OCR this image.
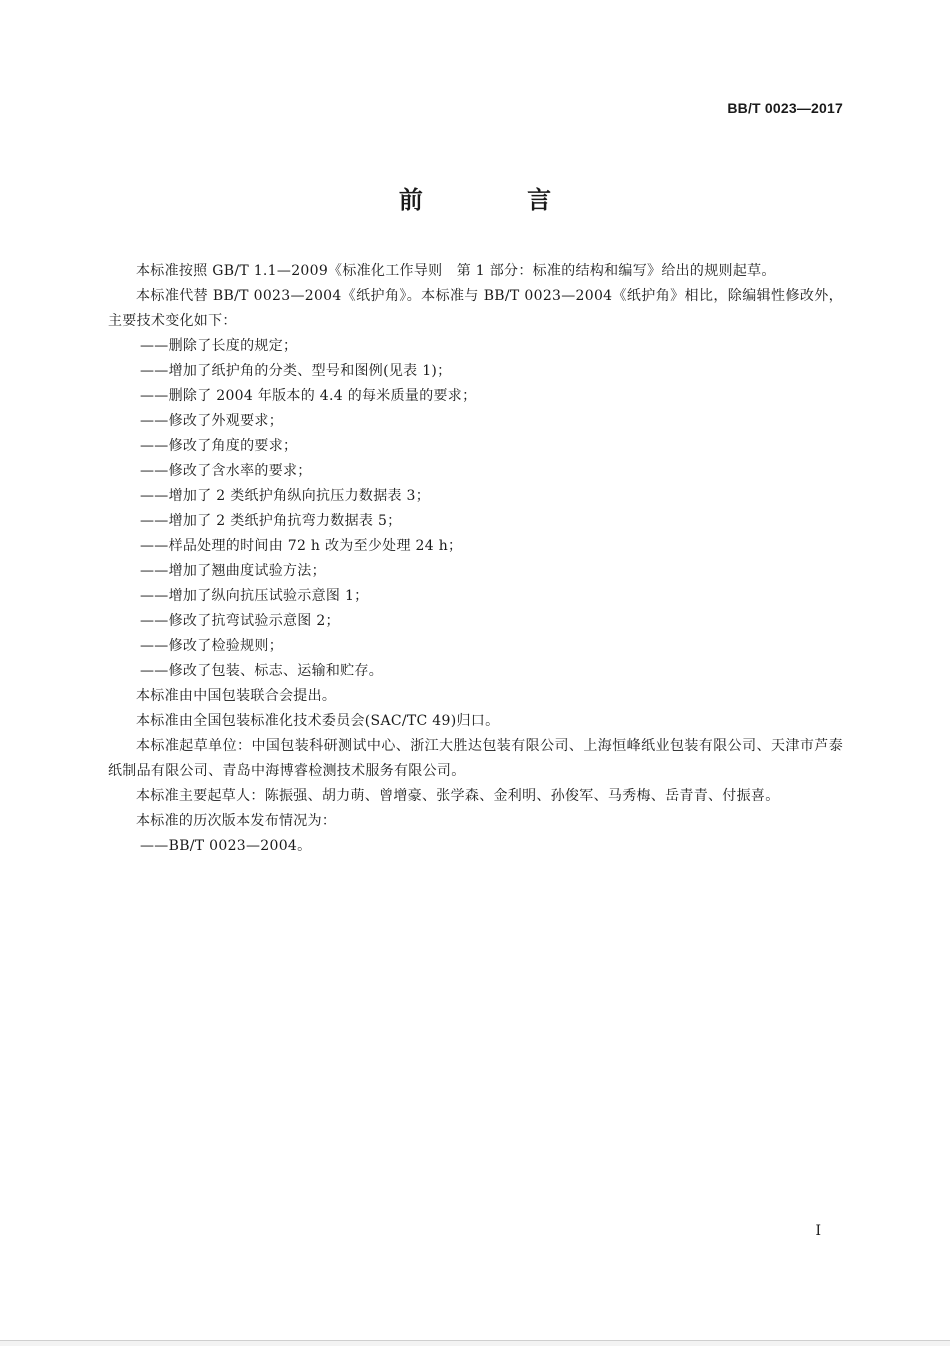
BB/T 0023—2017
前 言

本标准按照 GB/T 1.1—2009《标准化工作导则　第 1 部分：标准的结构和编写》给出的规则起草。

本标准代替 BB/T 0023—2004《纸护角》。本标准与 BB/T 0023—2004《纸护角》相比，除编辑性修改外，主要技术变化如下：

——删除了长度的规定；

——增加了纸护角的分类、型号和图例(见表 1)；

——删除了 2004 年版本的 4.4 的每米质量的要求；

——修改了外观要求；

——修改了角度的要求；

——修改了含水率的要求；

——增加了 2 类纸护角纵向抗压力数据表 3；

——增加了 2 类纸护角抗弯力数据表 5；

——样品处理的时间由 72 h 改为至少处理 24 h；

——增加了翘曲度试验方法；

——增加了纵向抗压试验示意图 1；

——修改了抗弯试验示意图 2；

——修改了检验规则；

——修改了包装、标志、运输和贮存。

本标准由中国包装联合会提出。

本标准由全国包装标准化技术委员会(SAC/TC 49)归口。

本标准起草单位：中国包装科研测试中心、浙江大胜达包装有限公司、上海恒峰纸业包装有限公司、天津市芦泰纸制品有限公司、青岛中海博睿检测技术服务有限公司。

本标准主要起草人：陈振强、胡力萌、曾增豪、张学森、金利明、孙俊军、马秀梅、岳青青、付振喜。

本标准的历次版本发布情况为：

——BB/T 0023—2004。

I
